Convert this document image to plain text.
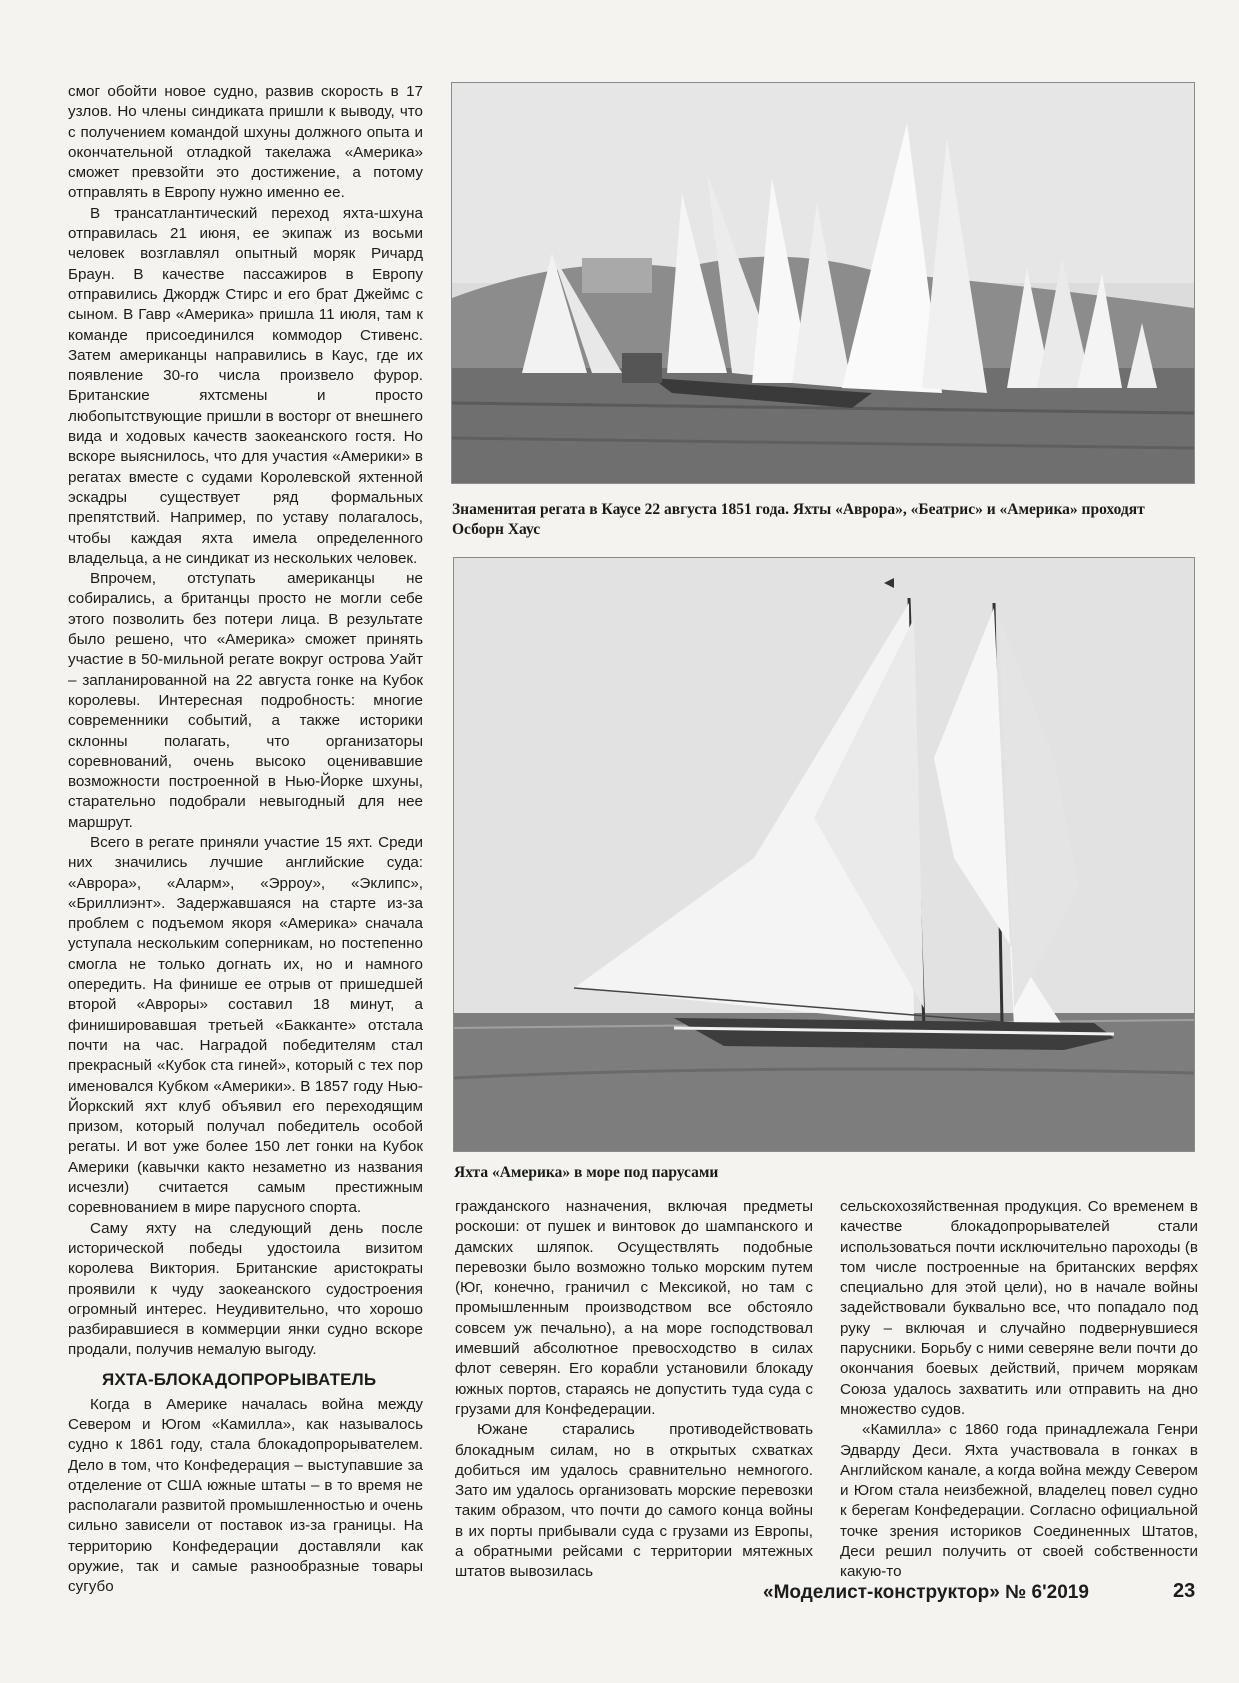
смог обойти новое судно, развив скорость в 17 узлов. Но члены синдиката пришли к выводу, что с получением командой шхуны должного опыта и окончательной отладкой такелажа «Америка» сможет превзойти это достижение, а потому отправлять в Европу нужно именно ее.

В трансатлантический переход яхта-шхуна отправилась 21 июня, ее экипаж из восьми человек возглавлял опытный моряк Ричард Браун. В качестве пассажиров в Европу отправились Джордж Стирс и его брат Джеймс с сыном. В Гавр «Америка» пришла 11 июля, там к команде присоединился коммодор Стивенс. Затем американцы направились в Каус, где их появление 30-го числа произвело фурор. Британские яхтсмены и просто любопытствующие пришли в восторг от внешнего вида и ходовых качеств заокеанского гостя. Но вскоре выяснилось, что для участия «Америки» в регатах вместе с судами Королевской яхтенной эскадры существует ряд формальных препятствий. Например, по уставу полагалось, чтобы каждая яхта имела определенного владельца, а не синдикат из нескольких человек.

Впрочем, отступать американцы не собирались, а британцы просто не могли себе этого позволить без потери лица. В результате было решено, что «Америка» сможет принять участие в 50-мильной регате вокруг острова Уайт – запланированной на 22 августа гонке на Кубок королевы. Интересная подробность: многие современники событий, а также историки склонны полагать, что организаторы соревнований, очень высоко оценивавшие возможности построенной в Нью-Йорке шхуны, старательно подобрали невыгодный для нее маршрут.

Всего в регате приняли участие 15 яхт. Среди них значились лучшие английские суда: «Аврора», «Аларм», «Эрроу», «Эклипс», «Бриллиэнт». Задержавшаяся на старте из-за проблем с подъемом якоря «Америка» сначала уступала нескольким соперникам, но постепенно смогла не только догнать их, но и намного опередить. На финише ее отрыв от пришедшей второй «Авроры» составил 18 минут, а финишировавшая третьей «Бакканте» отстала почти на час. Наградой победителям стал прекрасный «Кубок ста гиней», который с тех пор именовался Кубком «Америки». В 1857 году Нью-Йоркский яхт клуб объявил его переходящим призом, который получал победитель особой регаты. И вот уже более 150 лет гонки на Кубок Америки (кавычки както незаметно из названия исчезли) считается самым престижным соревнованием в мире парусного спорта.

Саму яхту на следующий день после исторической победы удостоила визитом королева Виктория. Британские аристократы проявили к чуду заокеанского судостроения огромный интерес. Неудивительно, что хорошо разбиравшиеся в коммерции янки судно вскоре продали, получив немалую выгоду.

ЯХТА-БЛОКАДОПРОРЫВАТЕЛЬ

Когда в Америке началась война между Севером и Югом «Камилла», как называлось судно к 1861 году, стала блокадопрорывателем. Дело в том, что Конфедерация – выступавшие за отделение от США южные штаты – в то время не располагали развитой промышленностью и очень сильно зависели от поставок из-за границы. На территорию Конфедерации доставляли как оружие, так и самые разнообразные товары сугубо

Знаменитая регата в Каусе 22 августа 1851 года. Яхты «Аврора», «Беатрис» и «Америка» проходят Осборн Хаус
Яхта «Америка» в море под парусами

гражданского назначения, включая предметы роскоши: от пушек и винтовок до шампанского и дамских шляпок. Осуществлять подобные перевозки было возможно только морским путем (Юг, конечно, граничил с Мексикой, но там с промышленным производством все обстояло совсем уж печально), а на море господствовал имевший абсолютное превосходство в силах флот северян. Его корабли установили блокаду южных портов, стараясь не допустить туда суда с грузами для Конфедерации.

Южане старались противодействовать блокадным силам, но в открытых схватках добиться им удалось сравнительно немногого. Зато им удалось организовать морские перевозки таким образом, что почти до самого конца войны в их порты прибывали суда с грузами из Европы, а обратными рейсами с территории мятежных штатов вывозилась

сельскохозяйственная продукция. Со временем в качестве блокадопрорывателей стали использоваться почти исключительно пароходы (в том числе построенные на британских верфях специально для этой цели), но в начале войны задействовали буквально все, что попадало под руку – включая и случайно подвернувшиеся парусники. Борьбу с ними северяне вели почти до окончания боевых действий, причем морякам Союза удалось захватить или отправить на дно множество судов.

«Камилла» с 1860 года принадлежала Генри Эдварду Деси. Яхта участвовала в гонках в Английском канале, а когда война между Севером и Югом стала неизбежной, владелец повел судно к берегам Конфедерации. Согласно официальной точке зрения историков Соединенных Штатов, Деси решил получить от своей собственности какую-то

«Моделист-конструктор» № 6'2019	23
